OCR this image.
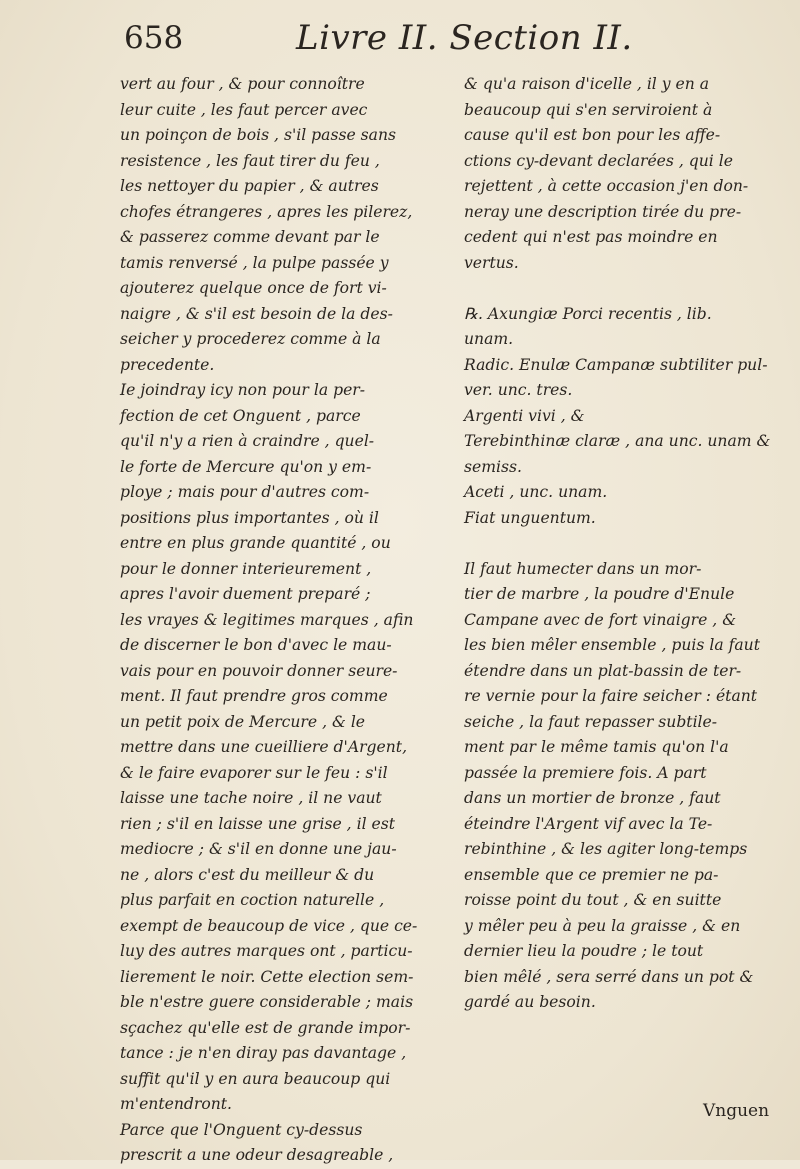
658	Livre II. Section II.
vert au four , & pour connoître
leur cuite , les faut percer avec
un poinçon de bois , s'il passe sans
resistence , les faut tirer du feu ,
les nettoyer du papier , & autres
chofes étrangeres , apres les pilerez,
& passerez comme devant par le
tamis renversé , la pulpe passée y
ajouterez quelque once de fort vi-
naigre , & s'il est besoin de la des-
seicher y procederez comme à la
precedente.
Ie joindray icy non pour la per-
fection de cet Onguent , parce
qu'il n'y a rien à craindre , quel-
le forte de Mercure qu'on y em-
ploye ; mais pour d'autres com-
positions plus importantes , où il
entre en plus grande quantité , ou
pour le donner interieurement ,
apres l'avoir duement preparé ;
les vrayes & legitimes marques , afin
de discerner le bon d'avec le mau-
vais pour en pouvoir donner seure-
ment. Il faut prendre gros comme
un petit poix de Mercure , & le
mettre dans une cueilliere d'Argent,
& le faire evaporer sur le feu : s'il
laisse une tache noire , il ne vaut
rien ; s'il en laisse une grise , il est
mediocre ; & s'il en donne une jau-
ne , alors c'est du meilleur & du
plus parfait en coction naturelle ,
exempt de beaucoup de vice , que ce-
luy des autres marques ont , particu-
lierement le noir. Cette election sem-
ble n'estre guere considerable ; mais
sçachez qu'elle est de grande impor-
tance : je n'en diray pas davantage ,
suffit qu'il y en aura beaucoup qui
m'entendront.
Parce que l'Onguent cy-dessus
prescrit a une odeur desagreable ,
& qu'a raison d'icelle , il y en a
beaucoup qui s'en serviroient à
cause qu'il est bon pour les affe-
ctions cy-devant declarées , qui le
rejettent , à cette occasion j'en don-
neray une description tirée du pre-
cedent qui n'est pas moindre en
vertus.
℞. Axungiæ Porci recentis , lib.
unam.
Radic. Enulæ Campanæ subtiliter pul-
ver. unc. tres.
Argenti vivi , &
Terebinthinæ claræ , ana unc. unam &
semiss.
Aceti , unc. unam.
Fiat unguentum.
Il faut humecter dans un mor-
tier de marbre , la poudre d'Enule
Campane avec de fort vinaigre , &
les bien mêler ensemble , puis la faut
étendre dans un plat-bassin de ter-
re vernie pour la faire seicher : étant
seiche , la faut repasser subtile-
ment par le même tamis qu'on l'a
passée la premiere fois. A part
dans un mortier de bronze , faut
éteindre l'Argent vif avec la Te-
rebinthine , & les agiter long-temps
ensemble que ce premier ne pa-
roisse point du tout , & en suitte
y mêler peu à peu la graisse , & en
dernier lieu la poudre ; le tout
bien mêlé , sera serré dans un pot &
gardé au besoin.
Vnguen
